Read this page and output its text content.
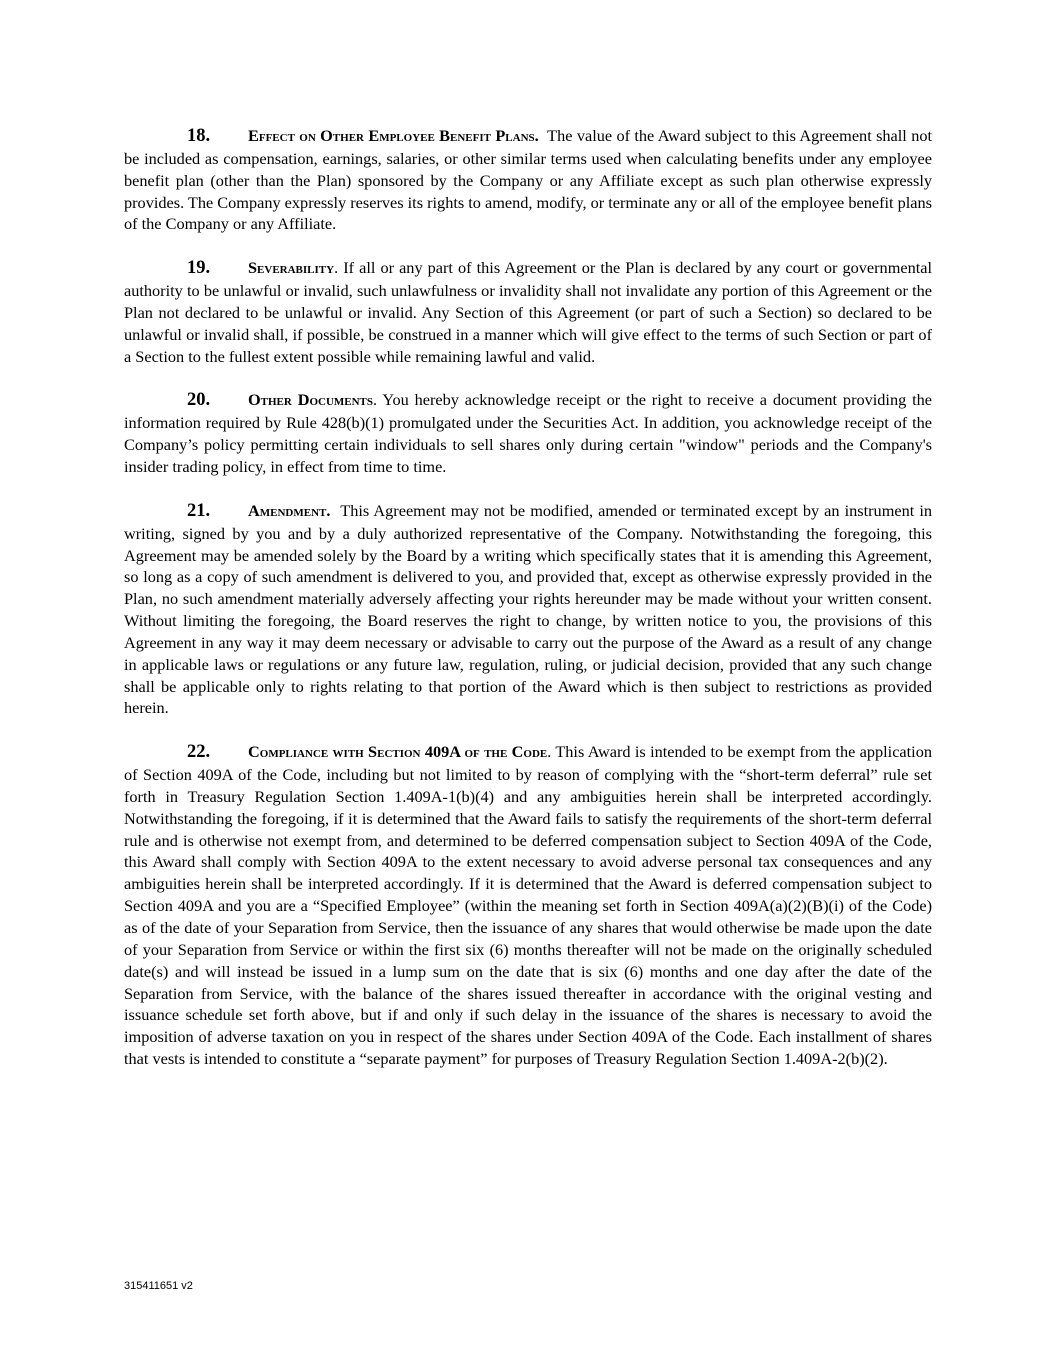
18. Effect on Other Employee Benefit Plans. The value of the Award subject to this Agreement shall not be included as compensation, earnings, salaries, or other similar terms used when calculating benefits under any employee benefit plan (other than the Plan) sponsored by the Company or any Affiliate except as such plan otherwise expressly provides. The Company expressly reserves its rights to amend, modify, or terminate any or all of the employee benefit plans of the Company or any Affiliate.

19. Severability. If all or any part of this Agreement or the Plan is declared by any court or governmental authority to be unlawful or invalid, such unlawfulness or invalidity shall not invalidate any portion of this Agreement or the Plan not declared to be unlawful or invalid. Any Section of this Agreement (or part of such a Section) so declared to be unlawful or invalid shall, if possible, be construed in a manner which will give effect to the terms of such Section or part of a Section to the fullest extent possible while remaining lawful and valid.

20. Other Documents. You hereby acknowledge receipt or the right to receive a document providing the information required by Rule 428(b)(1) promulgated under the Securities Act. In addition, you acknowledge receipt of the Company’s policy permitting certain individuals to sell shares only during certain "window" periods and the Company's insider trading policy, in effect from time to time.

21. Amendment. This Agreement may not be modified, amended or terminated except by an instrument in writing, signed by you and by a duly authorized representative of the Company. Notwithstanding the foregoing, this Agreement may be amended solely by the Board by a writing which specifically states that it is amending this Agreement, so long as a copy of such amendment is delivered to you, and provided that, except as otherwise expressly provided in the Plan, no such amendment materially adversely affecting your rights hereunder may be made without your written consent. Without limiting the foregoing, the Board reserves the right to change, by written notice to you, the provisions of this Agreement in any way it may deem necessary or advisable to carry out the purpose of the Award as a result of any change in applicable laws or regulations or any future law, regulation, ruling, or judicial decision, provided that any such change shall be applicable only to rights relating to that portion of the Award which is then subject to restrictions as provided herein.

22. Compliance with Section 409A of the Code. This Award is intended to be exempt from the application of Section 409A of the Code, including but not limited to by reason of complying with the “short-term deferral” rule set forth in Treasury Regulation Section 1.409A-1(b)(4) and any ambiguities herein shall be interpreted accordingly. Notwithstanding the foregoing, if it is determined that the Award fails to satisfy the requirements of the short-term deferral rule and is otherwise not exempt from, and determined to be deferred compensation subject to Section 409A of the Code, this Award shall comply with Section 409A to the extent necessary to avoid adverse personal tax consequences and any ambiguities herein shall be interpreted accordingly. If it is determined that the Award is deferred compensation subject to Section 409A and you are a “Specified Employee” (within the meaning set forth in Section 409A(a)(2)(B)(i) of the Code) as of the date of your Separation from Service, then the issuance of any shares that would otherwise be made upon the date of your Separation from Service or within the first six (6) months thereafter will not be made on the originally scheduled date(s) and will instead be issued in a lump sum on the date that is six (6) months and one day after the date of the Separation from Service, with the balance of the shares issued thereafter in accordance with the original vesting and issuance schedule set forth above, but if and only if such delay in the issuance of the shares is necessary to avoid the imposition of adverse taxation on you in respect of the shares under Section 409A of the Code. Each installment of shares that vests is intended to constitute a “separate payment” for purposes of Treasury Regulation Section 1.409A-2(b)(2).

315411651 v2
